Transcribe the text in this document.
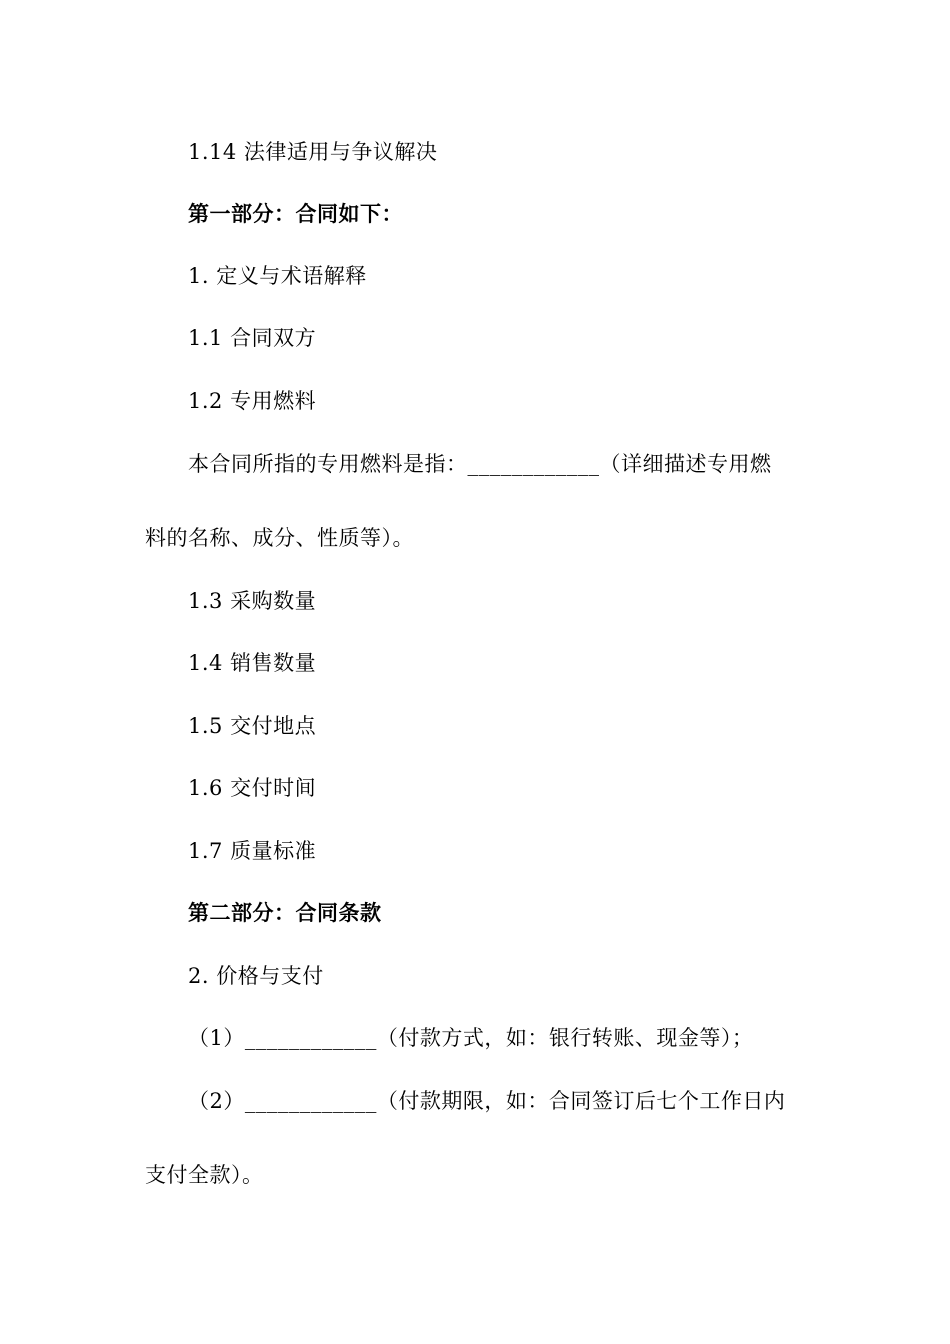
1.14 法律适用与争议解决
第一部分：合同如下：
1. 定义与术语解释
1.1 合同双方
1.2 专用燃料
本合同所指的专用燃料是指：____________（详细描述专用燃
料的名称、成分、性质等）。
1.3 采购数量
1.4 销售数量
1.5 交付地点
1.6 交付时间
1.7 质量标准
第二部分：合同条款
2. 价格与支付
（1）____________（付款方式，如：银行转账、现金等）；
（2）____________（付款期限，如：合同签订后七个工作日内
支付全款）。
